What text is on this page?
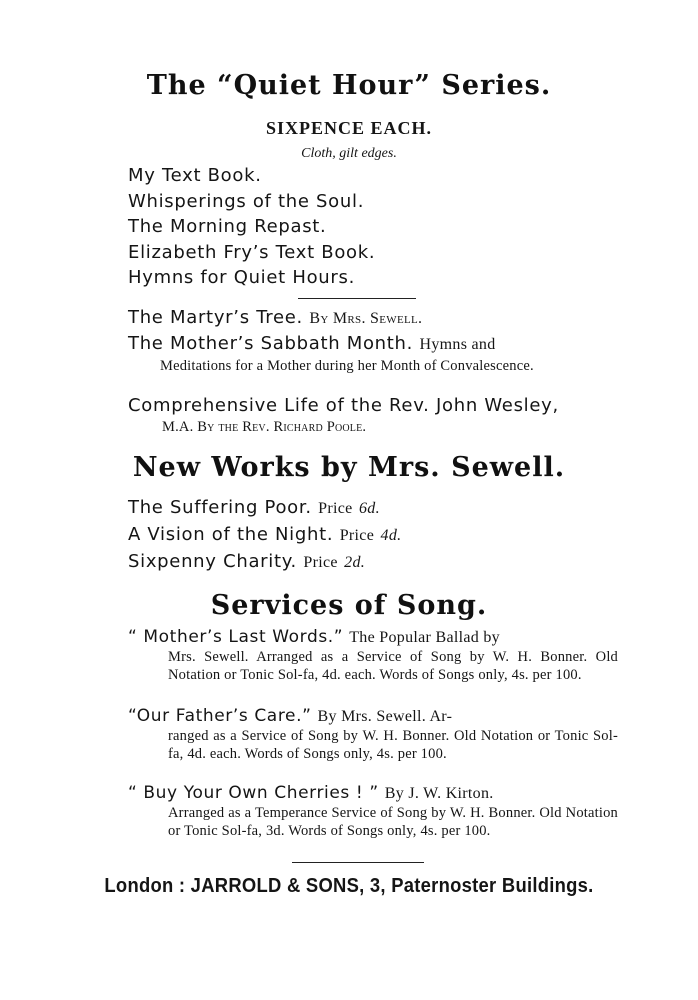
The “Quiet Hour” Series.
SIXPENCE EACH.
Cloth, gilt edges.
My Text Book.
Whisperings of the Soul.
The Morning Repast.
Elizabeth Fry’s Text Book.
Hymns for Quiet Hours.
The Martyr’s Tree. By Mrs. Sewell.
The Mother’s Sabbath Month. Hymns and
Meditations for a Mother during her Month of Convalescence.
Comprehensive Life of the Rev. John Wesley,
M.A. By the Rev. Richard Poole.
New Works by Mrs. Sewell.
The Suffering Poor. Price 6d.
A Vision of the Night. Price 4d.
Sixpenny Charity. Price 2d.
Services of Song.
“ Mother’s Last Words.” The Popular Ballad by
Mrs. Sewell. Arranged as a Service of Song by W. H. Bonner. Old Notation or Tonic Sol-fa, 4d. each. Words of Songs only, 4s. per 100.
“Our Father’s Care.” By Mrs. Sewell. Ar-
ranged as a Service of Song by W. H. Bonner. Old Notation or Tonic Sol-fa, 4d. each. Words of Songs only, 4s. per 100.
“ Buy Your Own Cherries ! ” By J. W. Kirton.
Arranged as a Temperance Service of Song by W. H. Bonner. Old Notation or Tonic Sol-fa, 3d. Words of Songs only, 4s. per 100.
London : JARROLD & SONS, 3, Paternoster Buildings.
